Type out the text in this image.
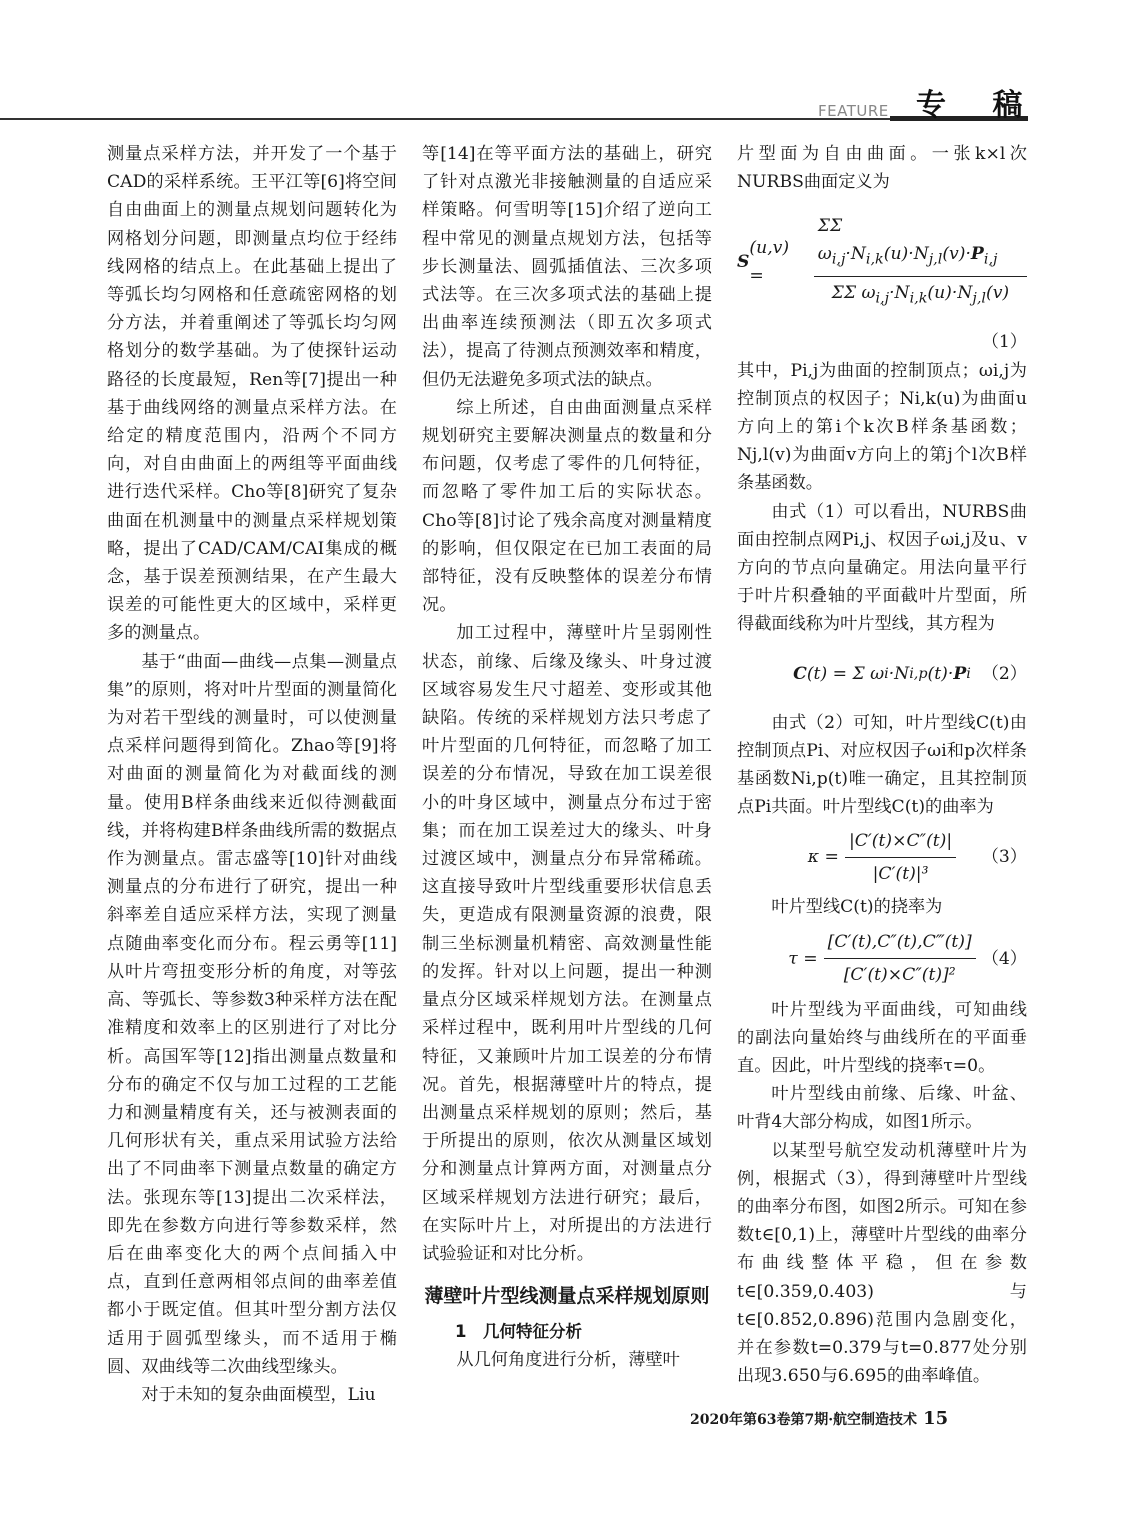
FEATURE 专 稿

测量点采样方法，并开发了一个基于CAD的采样系统。王平江等[6]将空间自由曲面上的测量点规划问题转化为网格划分问题，即测量点均位于经纬线网格的结点上。在此基础上提出了等弧长均匀网格和任意疏密网格的划分方法，并着重阐述了等弧长均匀网格划分的数学基础。为了使探针运动路径的长度最短，Ren等[7]提出一种基于曲线网络的测量点采样方法。在给定的精度范围内，沿两个不同方向，对自由曲面上的两组等平面曲线进行迭代采样。Cho等[8]研究了复杂曲面在机测量中的测量点采样规划策略，提出了CAD/CAM/CAI集成的概念，基于误差预测结果，在产生最大误差的可能性更大的区域中，采样更多的测量点。

基于“曲面—曲线—点集—测量点集”的原则，将对叶片型面的测量简化为对若干型线的测量时，可以使测量点采样问题得到简化。Zhao等[9]将对曲面的测量简化为对截面线的测量。使用B样条曲线来近似待测截面线，并将构建B样条曲线所需的数据点作为测量点。雷志盛等[10]针对曲线测量点的分布进行了研究，提出一种斜率差自适应采样方法，实现了测量点随曲率变化而分布。程云勇等[11]从叶片弯扭变形分析的角度，对等弦高、等弧长、等参数3种采样方法在配准精度和效率上的区别进行了对比分析。高国军等[12]指出测量点数量和分布的确定不仅与加工过程的工艺能力和测量精度有关，还与被测表面的几何形状有关，重点采用试验方法给出了不同曲率下测量点数量的确定方法。张现东等[13]提出二次采样法，即先在参数方向进行等参数采样，然后在曲率变化大的两个点间插入中点，直到任意两相邻点间的曲率差值都小于既定值。但其叶型分割方法仅适用于圆弧型缘头，而不适用于椭圆、双曲线等二次曲线型缘头。

对于未知的复杂曲面模型，Liu

等[14]在等平面方法的基础上，研究了针对点激光非接触测量的自适应采样策略。何雪明等[15]介绍了逆向工程中常见的测量点规划方法，包括等步长测量法、圆弧插值法、三次多项式法等。在三次多项式法的基础上提出曲率连续预测法（即五次多项式法），提高了待测点预测效率和精度，但仍无法避免多项式法的缺点。

综上所述，自由曲面测量点采样规划研究主要解决测量点的数量和分布问题，仅考虑了零件的几何特征，而忽略了零件加工后的实际状态。Cho等[8]讨论了残余高度对测量精度的影响，但仅限定在已加工表面的局部特征，没有反映整体的误差分布情况。

加工过程中，薄壁叶片呈弱刚性状态，前缘、后缘及缘头、叶身过渡区域容易发生尺寸超差、变形或其他缺陷。传统的采样规划方法只考虑了叶片型面的几何特征，而忽略了加工误差的分布情况，导致在加工误差很小的叶身区域中，测量点分布过于密集；而在加工误差过大的缘头、叶身过渡区域中，测量点分布异常稀疏。这直接导致叶片型线重要形状信息丢失，更造成有限测量资源的浪费，限制三坐标测量机精密、高效测量性能的发挥。针对以上问题，提出一种测量点分区域采样规划方法。在测量点采样过程中，既利用叶片型线的几何特征，又兼顾叶片加工误差的分布情况。首先，根据薄壁叶片的特点，提出测量点采样规划的原则；然后，基于所提出的原则，依次从测量区域划分和测量点计算两方面，对测量点分区域采样规划方法进行研究；最后，在实际叶片上，对所提出的方法进行试验验证和对比分析。

薄壁叶片型线测量点采样规划原则

1　几何特征分析

从几何角度进行分析，薄壁叶

片型面为自由曲面。一张k×l次NURBS曲面定义为

S
(u,v) =	$\frac{\Sigma\Sigma \omega_{i,j}\cdot N_{i,k}(u)\cdot N_{j,l}(v)\cdot P_{i,j}}{\Sigma\Sigma \omega_{i,j}\cdot N_{i,k}(u)\cdot N_{j,l}(v)}$
（1）

其中，Pi,j为曲面的控制顶点；ωi,j为控制顶点的权因子；Ni,k(u)为曲面u方向上的第i个k次B样条基函数；Nj,l(v)为曲面v方向上的第j个l次B样条基函数。

由式（1）可以看出，NURBS曲面由控制点网Pi,j、权因子ωi,j及u、v方向的节点向量确定。用法向量平行于叶片积叠轴的平面截叶片型面，所得截面线称为叶片型线，其方程为

C (t) = Σ ω i ·N i,p (t)· P i （2）

由式（2）可知，叶片型线C(t)由控制顶点Pi、对应权因子ωi和p次样条基函数Ni,p(t)唯一确定，且其控制顶点Pi共面。叶片型线C(t)的曲率为

$\kappa = \frac{|C'(t)\times C''(t)|}{\text{|C′(t)|³}} (3)$

叶片型线C(t)的挠率为

$\tau = \frac{[C'(t),C''(t),C‴(t)]}{\text{[C′(t)×C″(t)]²}} (4)$

叶片型线为平面曲线，可知曲线的副法向量始终与曲线所在的平面垂直。因此，叶片型线的挠率τ=0。

叶片型线由前缘、后缘、叶盆、叶背4大部分构成，如图1所示。

以某型号航空发动机薄壁叶片为例，根据式（3），得到薄壁叶片型线的曲率分布图，如图2所示。可知在参数t∈[0,1)上，薄壁叶片型线的曲率分布曲线整体平稳，但在参数t∈[0.359,0.403)与t∈[0.852,0.896)范围内急剧变化，并在参数t=0.379与t=0.877处分别出现3.650与6.695的曲率峰值。

2020年第63卷第7期·航空制造技术 15
